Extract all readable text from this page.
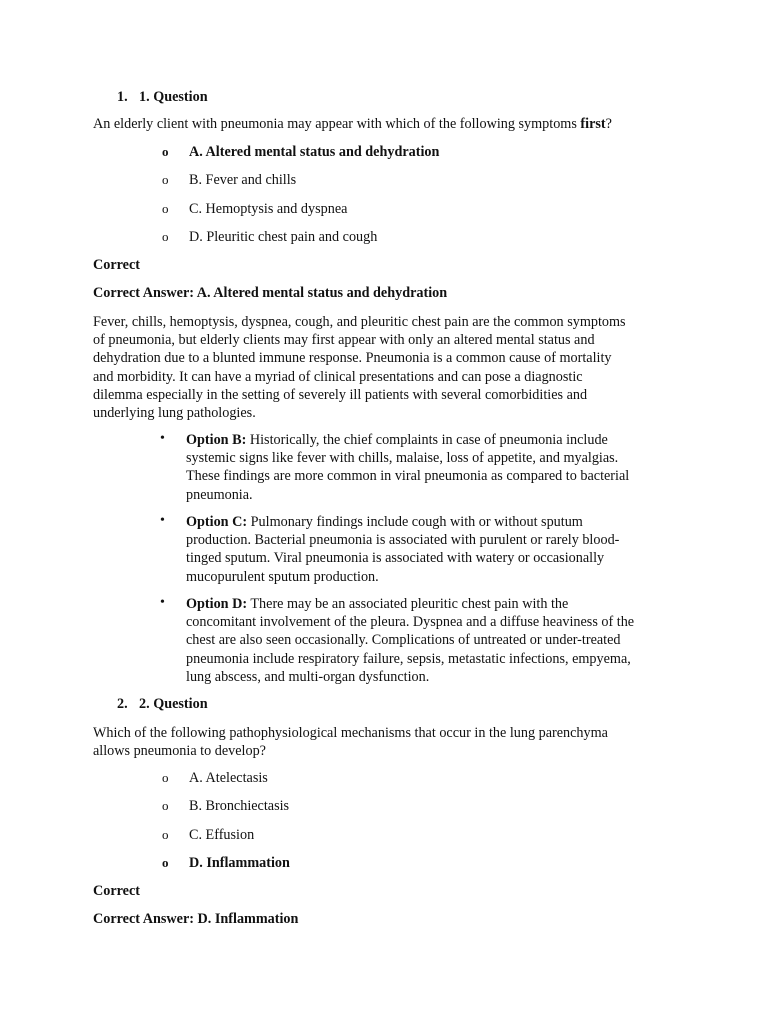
1. 1. Question
An elderly client with pneumonia may appear with which of the following symptoms first?
o A. Altered mental status and dehydration
o B. Fever and chills
o C. Hemoptysis and dyspnea
o D. Pleuritic chest pain and cough
Correct
Correct Answer: A. Altered mental status and dehydration
Fever, chills, hemoptysis, dyspnea, cough, and pleuritic chest pain are the common symptoms
of pneumonia, but elderly clients may first appear with only an altered mental status and
dehydration due to a blunted immune response. Pneumonia is a common cause of mortality
and morbidity. It can have a myriad of clinical presentations and can pose a diagnostic
dilemma especially in the setting of severely ill patients with several comorbidities and
underlying lung pathologies.
• Option B: Historically, the chief complaints in case of pneumonia include
systemic signs like fever with chills, malaise, loss of appetite, and myalgias.
These findings are more common in viral pneumonia as compared to bacterial
pneumonia.
• Option C: Pulmonary findings include cough with or without sputum
production. Bacterial pneumonia is associated with purulent or rarely blood-
tinged sputum. Viral pneumonia is associated with watery or occasionally
mucopurulent sputum production.
• Option D: There may be an associated pleuritic chest pain with the
concomitant involvement of the pleura. Dyspnea and a diffuse heaviness of the
chest are also seen occasionally. Complications of untreated or under-treated
pneumonia include respiratory failure, sepsis, metastatic infections, empyema,
lung abscess, and multi-organ dysfunction.
2. 2. Question
Which of the following pathophysiological mechanisms that occur in the lung parenchyma
allows pneumonia to develop?
o A. Atelectasis
o B. Bronchiectasis
o C. Effusion
o D. Inflammation
Correct
Correct Answer: D. Inflammation
